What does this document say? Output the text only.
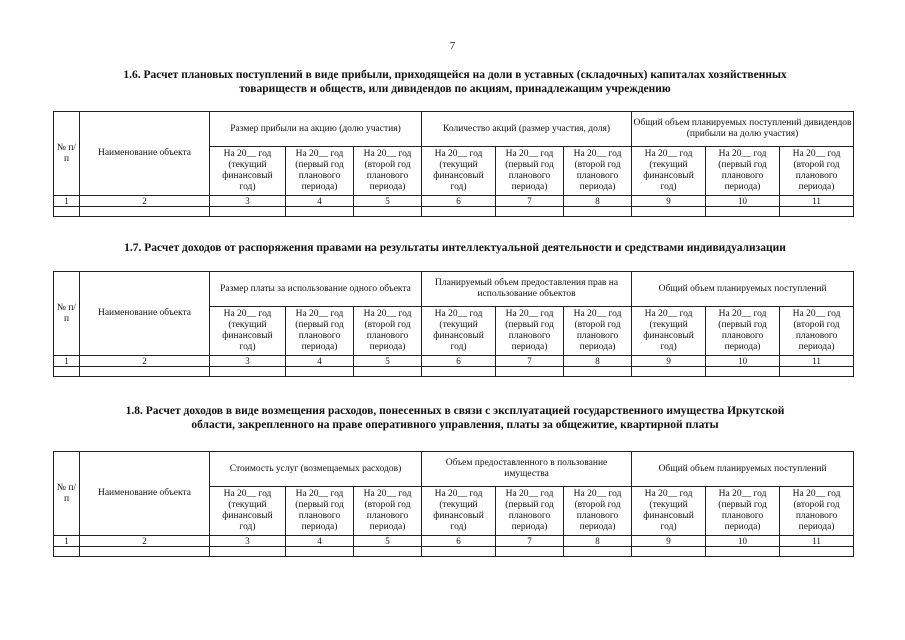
7
1.6. Расчет плановых поступлений в виде прибыли, приходящейся на доли в уставных (складочных) капиталах хозяйственных
товариществ и обществ, или дивидендов по акциям, принадлежащим учреждению
№ п/п	Наименование объекта	Размер прибыли на акцию (долю участия)			Количество акций (размер участия, доля)			Общий объем планируемых поступлений дивидендов (прибыли на долю участия)		

		На 20__ год
(текущий
финансовый
год)	На 20__ год
(первый год
планового
периода)	На 20__ год
(второй год
планового
периода)	На 20__ год
(текущий
финансовый
год)	На 20__ год
(первый год
планового
периода)	На 20__ год
(второй год
планового
периода)	На 20__ год
(текущий
финансовый
год)	На 20__ год
(первый год
планового
периода)	На 20__ год
(второй год
планового
периода)

1	2	3	4	5	6	7	8	9	10	11

1.7. Расчет доходов от распоряжения правами на результаты интеллектуальной деятельности и средствами индивидуализации
№ п/п	Наименование объекта	Размер платы за использование одного объекта			Планируемый объем предоставления прав на использование объектов			Общий объем планируемых поступлений		

		На 20__ год
(текущий
финансовый
год)	На 20__ год
(первый год
планового
периода)	На 20__ год
(второй год
планового
периода)	На 20__ год
(текущий
финансовый
год)	На 20__ год
(первый год
планового
периода)	На 20__ год
(второй год
планового
периода)	На 20__ год
(текущий
финансовый
год)	На 20__ год
(первый год
планового
периода)	На 20__ год
(второй год
планового
периода)

1	2	3	4	5	6	7	8	9	10	11

1.8. Расчет доходов в виде возмещения расходов, понесенных в связи с эксплуатацией государственного имущества Иркутской
области, закрепленного на праве оперативного управления, платы за общежитие, квартирной платы
№ п/п	Наименование объекта	Стоимость услуг (возмещаемых расходов)			Объем предоставленного в пользование имущества			Общий объем планируемых поступлений		

		На 20__ год
(текущий
финансовый
год)	На 20__ год
(первый год
планового
периода)	На 20__ год
(второй год
планового
периода)	На 20__ год
(текущий
финансовый
год)	На 20__ год
(первый год
планового
периода)	На 20__ год
(второй год
планового
периода)	На 20__ год
(текущий
финансовый
год)	На 20__ год
(первый год
планового
периода)	На 20__ год
(второй год
планового
периода)

1	2	3	4	5	6	7	8	9	10	11
